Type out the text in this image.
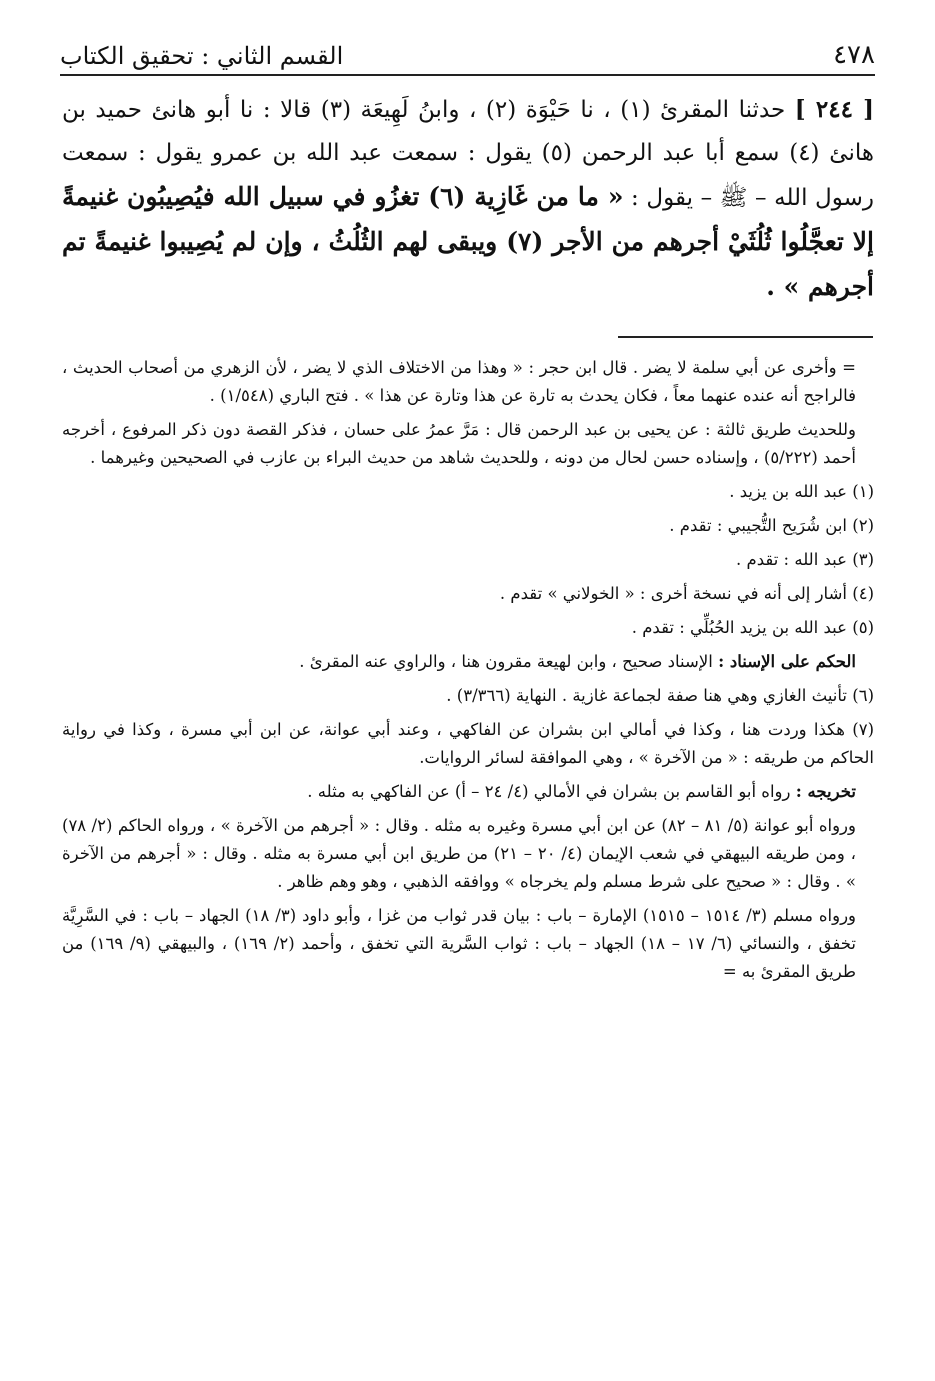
٤٧٨
القسم الثاني : تحقيق الكتاب

[ ٢٤٤ ] حدثنا المقرئ (١) ، نا حَيْوَة (٢) ، وابنُ لَهِيعَة (٣) قالا : نا أبو هانئ حميد بن هانئ (٤) سمع أبا عبد الرحمن (٥) يقول : سمعت عبد الله بن عمرو يقول : سمعت رسول الله – ﷺ – يقول : « ما من غَازِية (٦) تغزُو في سبيل الله فيُصِيبُون غنيمةً إلا تعجَّلُوا ثُلُثَيْ أجرهم من الأجر (٧) ويبقى لهم الثُلُثُ ، وإن لم يُصِيبوا غنيمةً تم أجرهم » .

= وأخرى عن أبي سلمة لا يضر . قال ابن حجر : « وهذا من الاختلاف الذي لا يضر ، لأن الزهري من أصحاب الحديث ، فالراجح أنه عنده عنهما معاً ، فكان يحدث به تارة عن هذا وتارة عن هذا » . فتح الباري (١/٥٤٨) .

وللحديث طريق ثالثة : عن يحيى بن عبد الرحمن قال : مَرَّ عمرُ على حسان ، فذكر القصة دون ذكر المرفوع ، أخرجه أحمد (٥/٢٢٢) ، وإسناده حسن لحال من دونه ، وللحديث شاهد من حديث البراء بن عازب في الصحيحين وغيرهما .

(١) عبد الله بن يزيد .

(٢) ابن شُرَيح التُّجيبي : تقدم .

(٣) عبد الله : تقدم .

(٤) أشار إلى أنه في نسخة أخرى : « الخولاني » تقدم .

(٥) عبد الله بن يزيد الحُبُلِّي : تقدم .

الحكم على الإسناد : الإسناد صحيح ، وابن لهيعة مقرون هنا ، والراوي عنه المقرئ .

(٦) تأنيث الغازي وهي هنا صفة لجماعة غازية . النهاية (٣/٣٦٦) .

(٧) هكذا وردت هنا ، وكذا في أمالي ابن بشران عن الفاكهي ، وعند أبي عوانة، عن ابن أبي مسرة ، وكذا في رواية الحاكم من طريقه : « من الآخرة » ، وهي الموافقة لسائر الروايات.

تخريجه : رواه أبو القاسم بن بشران في الأمالي (٤/ ٢٤ – أ) عن الفاكهي به مثله .

ورواه أبو عوانة (٥/ ٨١ – ٨٢) عن ابن أبي مسرة وغيره به مثله . وقال : « أجرهم من الآخرة » ، ورواه الحاكم (٢/ ٧٨) ، ومن طريقه البيهقي في شعب الإيمان (٤/ ٢٠ – ٢١) من طريق ابن أبي مسرة به مثله . وقال : « أجرهم من الآخرة » . وقال : « صحيح على شرط مسلم ولم يخرجاه » ووافقه الذهبي ، وهو وهم ظاهر .

ورواه مسلم (٣/ ١٥١٤ – ١٥١٥) الإمارة – باب : بيان قدر ثواب من غزا ، وأبو داود (٣/ ١٨) الجهاد – باب : في السَّرِيَّة تخفق ، والنسائي (٦/ ١٧ – ١٨) الجهاد – باب : ثواب السَّرية التي تخفق ، وأحمد (٢/ ١٦٩) ، والبيهقي (٩/ ١٦٩) من طريق المقرئ به =
